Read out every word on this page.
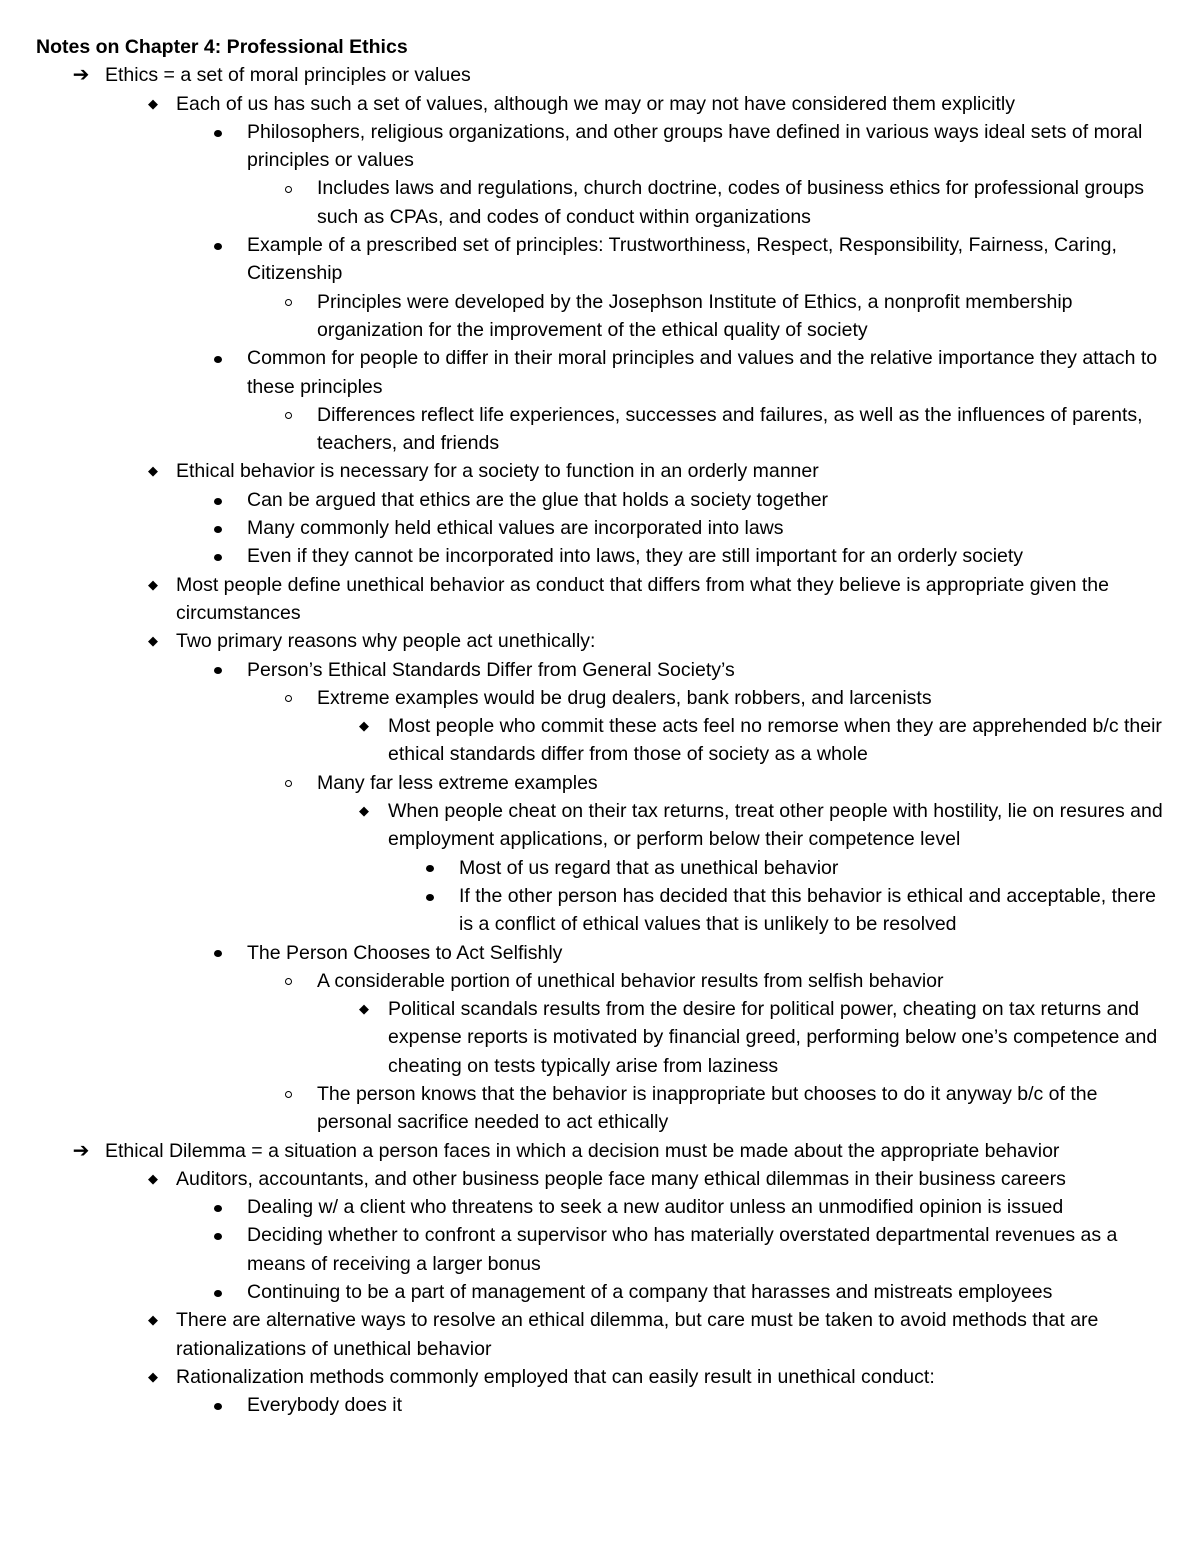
Notes on Chapter 4: Professional Ethics
➔ Ethics = a set of moral principles or values
◆ Each of us has such a set of values, although we may or may not have considered them explicitly
Philosophers, religious organizations, and other groups have defined in various ways ideal sets of moral principles or values
Includes laws and regulations, church doctrine, codes of business ethics for professional groups such as CPAs, and codes of conduct within organizations
Example of a prescribed set of principles: Trustworthiness, Respect, Responsibility, Fairness, Caring, Citizenship
Principles were developed by the Josephson Institute of Ethics, a nonprofit membership organization for the improvement of the ethical quality of society
Common for people to differ in their moral principles and values and the relative importance they attach to these principles
Differences reflect life experiences, successes and failures, as well as the influences of parents, teachers, and friends
◆ Ethical behavior is necessary for a society to function in an orderly manner
Can be argued that ethics are the glue that holds a society together
Many commonly held ethical values are incorporated into laws
Even if they cannot be incorporated into laws, they are still important for an orderly society
◆ Most people define unethical behavior as conduct that differs from what they believe is appropriate given the circumstances
◆ Two primary reasons why people act unethically:
Person’s Ethical Standards Differ from General Society’s
Extreme examples would be drug dealers, bank robbers, and larcenists
◆ Most people who commit these acts feel no remorse when they are apprehended b/c their ethical standards differ from those of society as a whole
Many far less extreme examples
◆ When people cheat on their tax returns, treat other people with hostility, lie on resures and employment applications, or perform below their competence level
Most of us regard that as unethical behavior
If the other person has decided that this behavior is ethical and acceptable, there is a conflict of ethical values that is unlikely to be resolved
The Person Chooses to Act Selfishly
A considerable portion of unethical behavior results from selfish behavior
◆ Political scandals results from the desire for political power, cheating on tax returns and expense reports is motivated by financial greed, performing below one’s competence and cheating on tests typically arise from laziness
The person knows that the behavior is inappropriate but chooses to do it anyway b/c of the personal sacrifice needed to act ethically
➔ Ethical Dilemma = a situation a person faces in which a decision must be made about the appropriate behavior
◆ Auditors, accountants, and other business people face many ethical dilemmas in their business careers
Dealing w/ a client who threatens to seek a new auditor unless an unmodified opinion is issued
Deciding whether to confront a supervisor who has materially overstated departmental revenues as a means of receiving a larger bonus
Continuing to be a part of management of a company that harasses and mistreats employees
◆ There are alternative ways to resolve an ethical dilemma, but care must be taken to avoid methods that are rationalizations of unethical behavior
◆ Rationalization methods commonly employed that can easily result in unethical conduct:
Everybody does it
